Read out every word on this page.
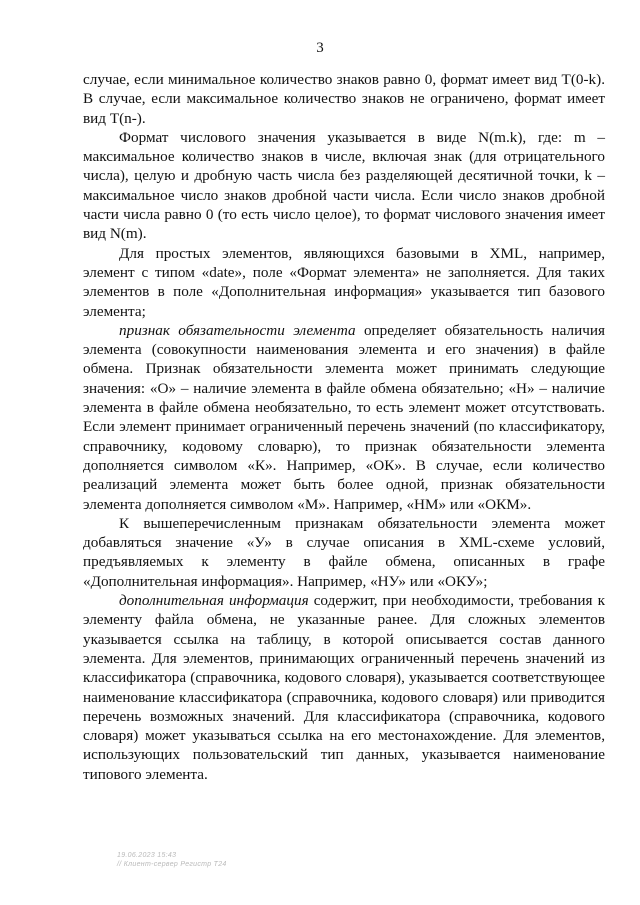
3

случае, если минимальное количество знаков равно 0, формат имеет вид T(0-k). В случае, если максимальное количество знаков не ограничено, формат имеет вид T(n-).

Формат числового значения указывается в виде N(m.k), где: m – максимальное количество знаков в числе, включая знак (для отрицательного числа), целую и дробную часть числа без разделяющей десятичной точки, k – максимальное число знаков дробной части числа. Если число знаков дробной части числа равно 0 (то есть число целое), то формат числового значения имеет вид N(m).

Для простых элементов, являющихся базовыми в XML, например, элемент с типом «date», поле «Формат элемента» не заполняется. Для таких элементов в поле «Дополнительная информация» указывается тип базового элемента;

признак обязательности элемента определяет обязательность наличия элемента (совокупности наименования элемента и его значения) в файле обмена. Признак обязательности элемента может принимать следующие значения: «О» – наличие элемента в файле обмена обязательно; «Н» – наличие элемента в файле обмена необязательно, то есть элемент может отсутствовать. Если элемент принимает ограниченный перечень значений (по классификатору, справочнику, кодовому словарю), то признак обязательности элемента дополняется символом «К». Например, «ОК». В случае, если количество реализаций элемента может быть более одной, признак обязательности элемента дополняется символом «М». Например, «НМ» или «ОКМ».

К вышеперечисленным признакам обязательности элемента может добавляться значение «У» в случае описания в XML-схеме условий, предъявляемых к элементу в файле обмена, описанных в графе «Дополнительная информация». Например, «НУ» или «ОКУ»;

дополнительная информация содержит, при необходимости, требования к элементу файла обмена, не указанные ранее. Для сложных элементов указывается ссылка на таблицу, в которой описывается состав данного элемента. Для элементов, принимающих ограниченный перечень значений из классификатора (справочника, кодового словаря), указывается соответствующее наименование классификатора (справочника, кодового словаря) или приводится перечень возможных значений. Для классификатора (справочника, кодового словаря) может указываться ссылка на его местонахождение. Для элементов, использующих пользовательский тип данных, указывается наименование типового элемента.

19.06.2023 15:43
// Клиент-сервер Регистр Т24
